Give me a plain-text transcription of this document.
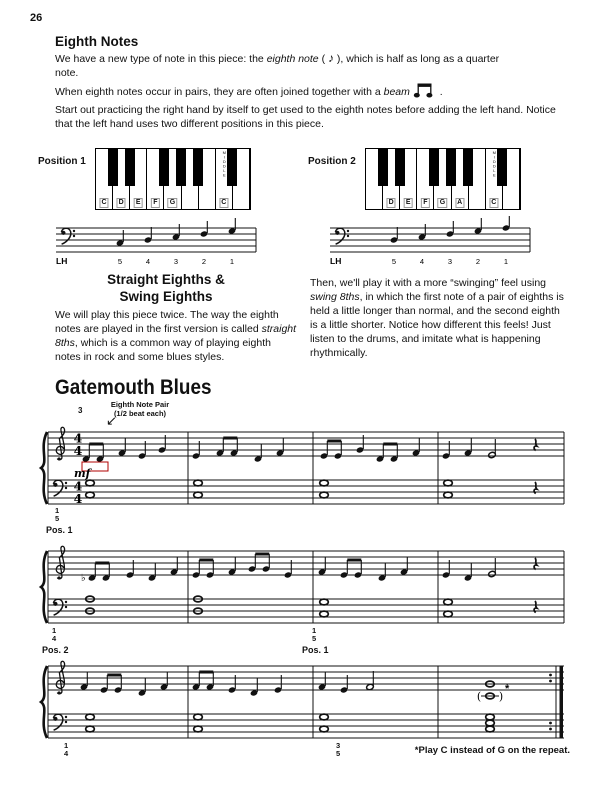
26
Eighth Notes
We have a new type of note in this piece: the eighth note ( ♪ ), which is half as long as a quarter note.
When eighth notes occur in pairs, they are often joined together with a beam	.
Start out practicing the right hand by itself to get used to the eighth notes before adding the left hand. Notice that the left hand uses two different positions in this piece.
Position 1
C D E F G
MIDDLE
C
Position 2
D E F G A
MIDDLE
C
LH	5	4	3	2	1	LH	5	4	3	2	1
Straight Eighths &
Swing Eighths
We will play this piece twice. The way the eighth notes are played in the first version is called straight 8ths, which is a common way of playing eighth notes in rock and some blues styles.
Then, we'll play it with a more “swinging” feel using swing 8ths, in which the first note of a pair of eighths is held a little longer than normal, and the second eighth is a little shorter. Notice how different this feels! Just listen to the drums, and imitate what is happening rhythmically.
Gatemouth Blues
Eighth Note Pair
(1/2 beat each)
3
↙
4
4
4
4
mf
1
5
Pos. 1
♭
1
4
Pos. 2
1
5
Pos. 1
( )
*
1
4
3
5	*Play C instead of G on the repeat.
